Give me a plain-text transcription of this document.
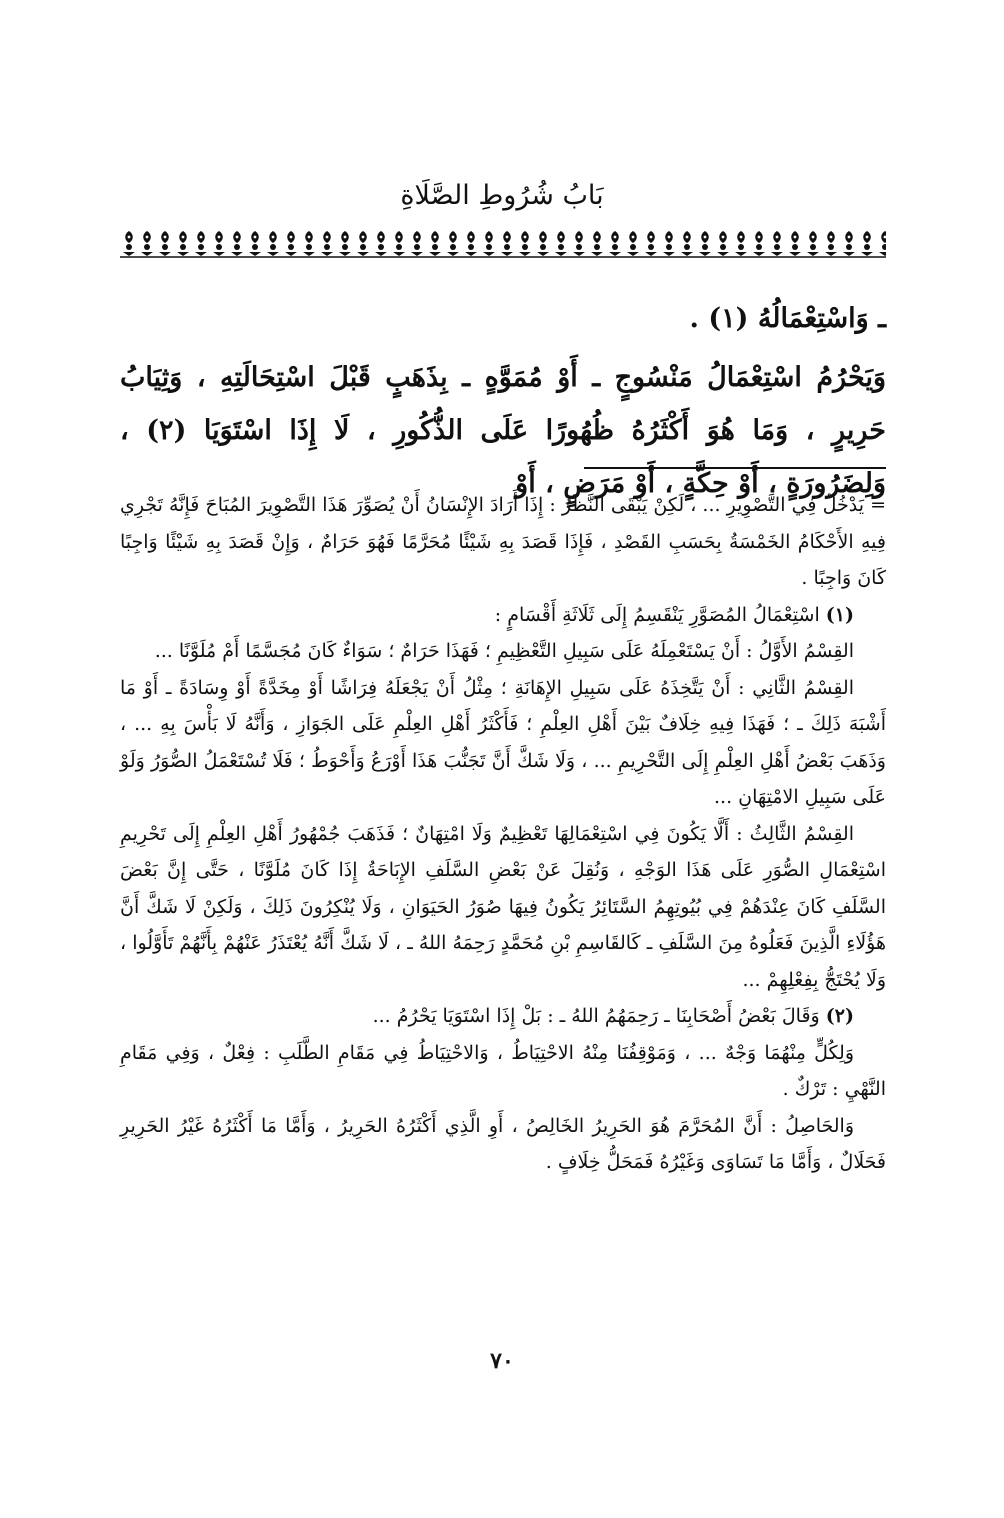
بَابُ شُرُوطِ الصَّلَاةِ

ـ وَاسْتِعْمَالُهُ (١) .

وَيَحْرُمُ اسْتِعْمَالُ مَنْسُوجٍ ـ أَوْ مُمَوَّهٍ ـ بِذَهَبٍ قَبْلَ اسْتِحَالَتِهِ ، وَثِيَابُ حَرِيرٍ ، وَمَا هُوَ أَكْثَرُهُ ظُهُورًا عَلَى الذُّكُورِ ، لَا إِذَا اسْتَوَيَا (٢) ، وَلِضَرُورَةٍ ، أَوْ حِكَّةٍ ، أَوْ مَرَضٍ ، أَوْ

= يَدْخُلُ فِي التَّصْوِيرِ ... ، لَكِنْ يَبْقَى النَّظَرُ : إِذَا أَرَادَ الإِنْسَانُ أَنْ يُصَوِّرَ هَذَا التَّصْوِيرَ المُبَاحَ فَإِنَّهُ تَجْرِي فِيهِ الأَحْكَامُ الخَمْسَةُ بِحَسَبِ القَصْدِ ، فَإِذَا قَصَدَ بِهِ شَيْئًا مُحَرَّمًا فَهُوَ حَرَامٌ ، وَإِنْ قَصَدَ بِهِ شَيْئًا وَاجِبًا كَانَ وَاجِبًا .

(١) اسْتِعْمَالُ المُصَوَّرِ يَنْقَسِمُ إِلَى ثَلَاثَةِ أَقْسَامٍ :

القِسْمُ الأَوَّلُ : أَنْ يَسْتَعْمِلَهُ عَلَى سَبِيلِ التَّعْظِيمِ ؛ فَهَذَا حَرَامٌ ؛ سَوَاءٌ كَانَ مُجَسَّمًا أَمْ مُلَوَّنًا ...

القِسْمُ الثَّانِي : أَنْ يَتَّخِذَهُ عَلَى سَبِيلِ الإِهَانَةِ ؛ مِثْلُ أَنْ يَجْعَلَهُ فِرَاشًا أَوْ مِخَدَّةً أَوْ وِسَادَةً ـ أَوْ مَا أَشْبَهَ ذَلِكَ ـ ؛ فَهَذَا فِيهِ خِلَافٌ بَيْنَ أَهْلِ العِلْمِ ؛ فَأَكْثَرُ أَهْلِ العِلْمِ عَلَى الجَوَازِ ، وَأَنَّهُ لَا بَأْسَ بِهِ ... ، وَذَهَبَ بَعْضُ أَهْلِ العِلْمِ إِلَى التَّحْرِيمِ ... ، وَلَا شَكَّ أَنَّ تَجَنُّبَ هَذَا أَوْرَعُ وَأَحْوَطُ ؛ فَلَا تُسْتَعْمَلُ الصُّوَرُ وَلَوْ عَلَى سَبِيلِ الامْتِهَانِ ...

القِسْمُ الثَّالِثُ : أَلَّا يَكُونَ فِي اسْتِعْمَالِهَا تَعْظِيمٌ وَلَا امْتِهَانٌ ؛ فَذَهَبَ جُمْهُورُ أَهْلِ العِلْمِ إِلَى تَحْرِيمِ اسْتِعْمَالِ الصُّوَرِ عَلَى هَذَا الوَجْهِ ، وَنُقِلَ عَنْ بَعْضِ السَّلَفِ الإِبَاحَةُ إِذَا كَانَ مُلَوَّنًا ، حَتَّى إِنَّ بَعْضَ السَّلَفِ كَانَ عِنْدَهُمْ فِي بُيُوتِهِمُ السَّتَائِرُ يَكُونُ فِيهَا صُوَرُ الحَيَوَانِ ، وَلَا يُنْكِرُونَ ذَلِكَ ، وَلَكِنْ لَا شَكَّ أَنَّ هَؤُلَاءِ الَّذِينَ فَعَلُوهُ مِنَ السَّلَفِ ـ كَالقَاسِمِ بْنِ مُحَمَّدٍ رَحِمَهُ اللهُ ـ ، لَا شَكَّ أَنَّهُ يُعْتَذَرُ عَنْهُمْ بِأَنَّهُمْ تَأَوَّلُوا ، وَلَا يُحْتَجُّ بِفِعْلِهِمْ ...

(٢) وَقَالَ بَعْضُ أَصْحَابِنَا ـ رَحِمَهُمُ اللهُ ـ : بَلْ إِذَا اسْتَوَيَا يَحْرُمُ ...

وَلِكُلٍّ مِنْهُمَا وَجْهٌ ... ، وَمَوْقِفُنَا مِنْهُ الاحْتِيَاطُ ، وَالاحْتِيَاطُ فِي مَقَامِ الطَّلَبِ : فِعْلٌ ، وَفِي مَقَامِ النَّهْيِ : تَرْكٌ .

وَالحَاصِلُ : أَنَّ المُحَرَّمَ هُوَ الحَرِيرُ الخَالِصُ ، أَوِ الَّذِي أَكْثَرُهُ الحَرِيرُ ، وَأَمَّا مَا أَكْثَرُهُ غَيْرُ الحَرِيرِ فَحَلَالٌ ، وَأَمَّا مَا تَسَاوَى وَغَيْرُهُ فَمَحَلُّ خِلَافٍ .

٧٠
